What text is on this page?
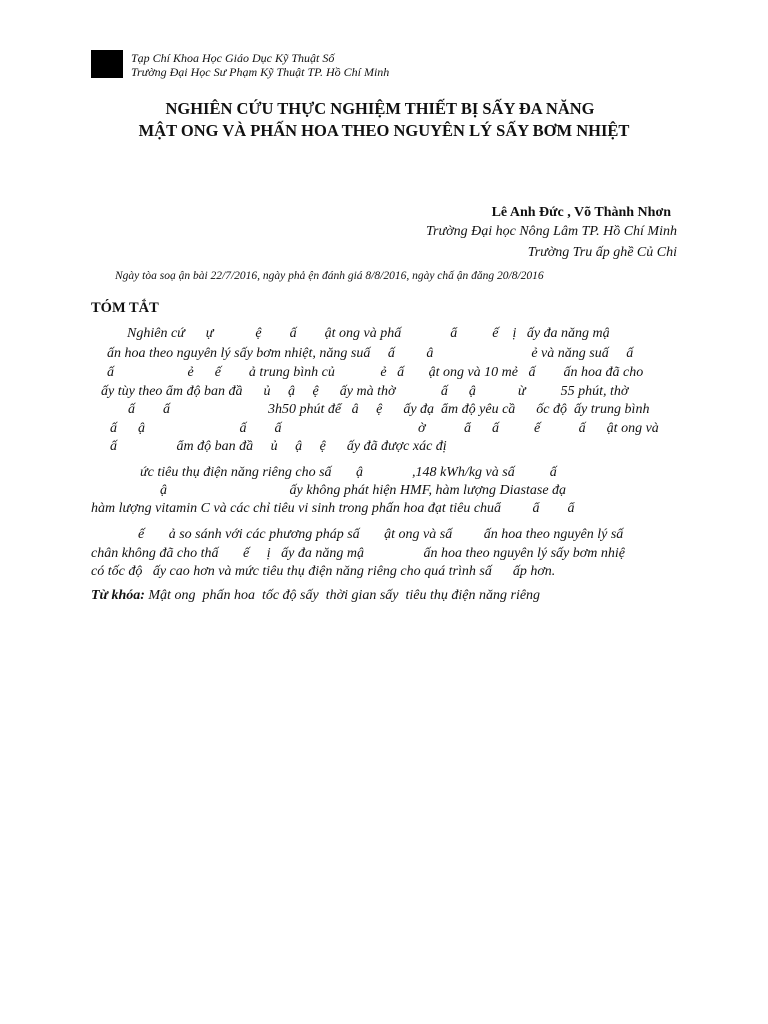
Tạp Chí Khoa Học Giáo Dục Kỹ Thuật Số
Trường Đại Học Sư Phạm Kỹ Thuật TP. Hồ Chí Minh
NGHIÊN CỨU THỰC NGHIỆM THIẾT BỊ SẤY ĐA NĂNG
MẬT ONG VÀ PHẤN HOA THEO NGUYÊN LÝ SẤY BƠM NHIỆT
Lê Anh Đức , Võ Thành Nhơn
Trường Đại học Nông Lâm TP. Hồ Chí Minh
Trường Tru ấp ghề Củ Chi
Ngày tòa soạ ận bài 22/7/2016, ngày phả ện đánh giá 8/8/2016, ngày chấ ận đăng 20/8/2016
TÓM TẮT
Nghiên cứ      ự            ệ        ấ        ật ong và phấ              ẩ          ế    ị   ấy đa năng mậ
ấn hoa theo nguyên lý sấy bơm nhiệt, năng suấ     ấ         â                            ẻ và năng suấ     ấ
ấ                     ẻ      ế        ả trung bình củ             ẻ   ấ       ật ong và 10 mẻ   ấ        ấn hoa đã cho
ấy tùy theo ẩm độ ban đầ      ủ     ậ     ệ      ấy mà thờ             ấ      ậ            ừ          55 phút, thờ
ấ        ấ                            3h50 phút để   â     ệ      ấy đạ  ẩm độ yêu cầ      ốc độ  ấy trung bình
ấ      ậ                           ấ        ấ                                       ờ           ẩ      ấ          ế           ấ      ật ong và
ấ                 ẩm độ ban đầ     ủ     ậ     ệ      ấy đã được xác đị
ức tiêu thụ điện năng riêng cho sấ       ậ              ,148 kWh/kg và sấ          ấ
ậ                                   ấy không phát hiện HMF, hàm lượng Diastase đạ
hàm lượng vitamin C và các chỉ tiêu vi sinh trong phấn hoa đạt tiêu chuẩ         ẩ        ẩ
ế       ả so sánh với các phương pháp sấ       ật ong và sấ         ấn hoa theo nguyên lý sấ
chân không đã cho thấ       ế     ị   ấy đa năng mậ                 ấn hoa theo nguyên lý sấy bơm nhiệ
có tốc độ   ấy cao hơn và mức tiêu thụ điện năng riêng cho quá trình sấ      ấp hơn.
Từ khóa: Mật ong  phấn hoa  tốc độ sấy  thời gian sấy  tiêu thụ điện năng riêng
